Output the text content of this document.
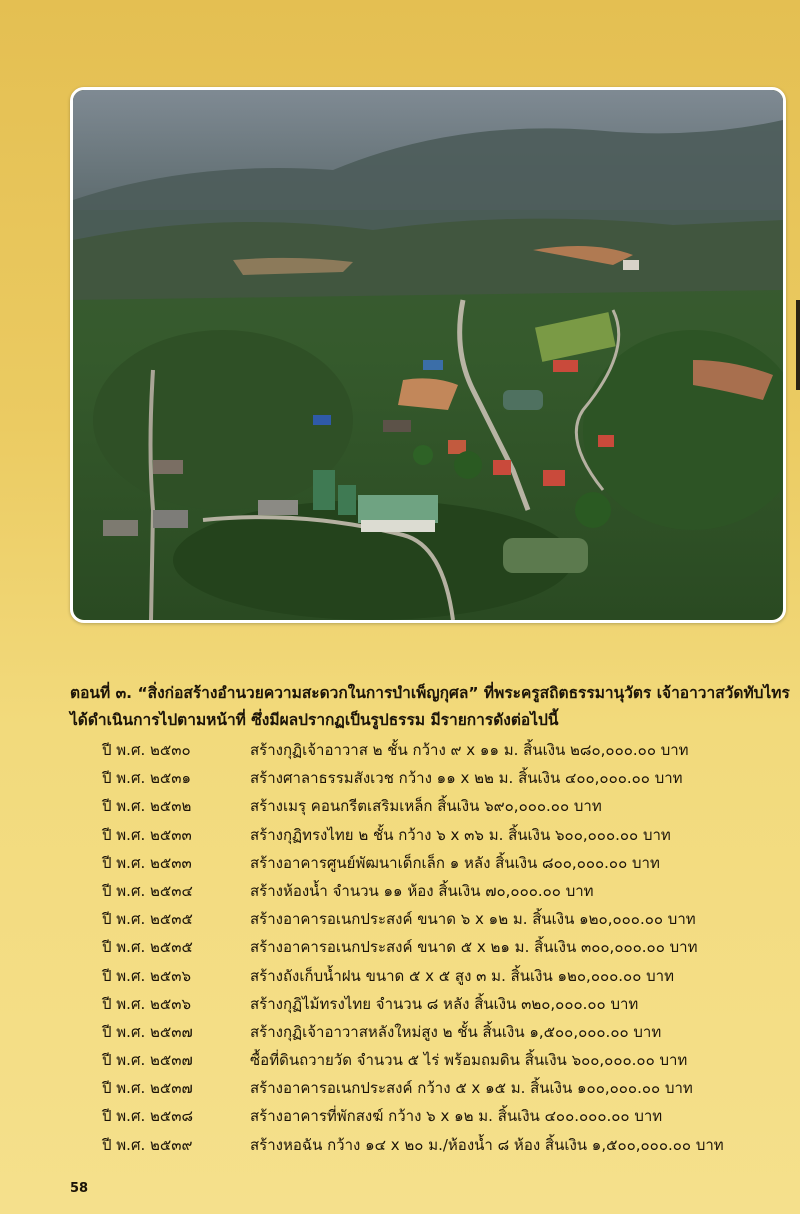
ตอนที่ ๓. “สิ่งก่อสร้างอำนวยความสะดวกในการบำเพ็ญกุศล” ที่พระครูสถิตธรรมานุวัตร เจ้าอาวาสวัดทับไทร

ได้ดำเนินการไปตามหน้าที่ ซึ่งมีผลปรากฏเป็นรูปธรรม มีรายการดังต่อไปนี้

ปี พ.ศ. ๒๕๓๐	สร้างกุฏิเจ้าอาวาส ๒ ชั้น กว้าง ๙ x ๑๑ ม. สิ้นเงิน ๒๘๐,๐๐๐.๐๐ บาท
ปี พ.ศ. ๒๕๓๑	สร้างศาลาธรรมสังเวช กว้าง ๑๑ x ๒๒ ม. สิ้นเงิน ๔๐๐,๐๐๐.๐๐ บาท
ปี พ.ศ. ๒๕๓๒	สร้างเมรุ คอนกรีตเสริมเหล็ก สิ้นเงิน ๖๙๐,๐๐๐.๐๐ บาท
ปี พ.ศ. ๒๕๓๓	สร้างกุฏิทรงไทย ๒ ชั้น กว้าง ๖ x ๓๖ ม. สิ้นเงิน ๖๐๐,๐๐๐.๐๐ บาท
ปี พ.ศ. ๒๕๓๓	สร้างอาคารศูนย์พัฒนาเด็กเล็ก ๑ หลัง สิ้นเงิน ๘๐๐,๐๐๐.๐๐ บาท
ปี พ.ศ. ๒๕๓๔	สร้างห้องน้ำ จำนวน ๑๑ ห้อง สิ้นเงิน ๗๐,๐๐๐.๐๐ บาท
ปี พ.ศ. ๒๕๓๕	สร้างอาคารอเนกประสงค์ ขนาด ๖ x ๑๒ ม. สิ้นเงิน ๑๒๐,๐๐๐.๐๐ บาท
ปี พ.ศ. ๒๕๓๕	สร้างอาคารอเนกประสงค์ ขนาด ๕ x ๒๑ ม. สิ้นเงิน ๓๐๐,๐๐๐.๐๐ บาท
ปี พ.ศ. ๒๕๓๖	สร้างถังเก็บน้ำฝน ขนาด ๕ x ๕ สูง ๓ ม. สิ้นเงิน ๑๒๐,๐๐๐.๐๐ บาท
ปี พ.ศ. ๒๕๓๖	สร้างกุฏิไม้ทรงไทย จำนวน ๘ หลัง สิ้นเงิน ๓๒๐,๐๐๐.๐๐ บาท
ปี พ.ศ. ๒๕๓๗	สร้างกุฏิเจ้าอาวาสหลังใหม่สูง ๒ ชั้น สิ้นเงิน ๑,๕๐๐,๐๐๐.๐๐ บาท
ปี พ.ศ. ๒๕๓๗	ซื้อที่ดินถวายวัด จำนวน ๕ ไร่ พร้อมถมดิน สิ้นเงิน ๖๐๐,๐๐๐.๐๐ บาท
ปี พ.ศ. ๒๕๓๗	สร้างอาคารอเนกประสงค์ กว้าง ๕ x ๑๕ ม. สิ้นเงิน ๑๐๐,๐๐๐.๐๐ บาท
ปี พ.ศ. ๒๕๓๘	สร้างอาคารที่พักสงฆ์ กว้าง ๖ x ๑๒ ม. สิ้นเงิน ๔๐๐.๐๐๐.๐๐ บาท
ปี พ.ศ. ๒๕๓๙	สร้างหอฉัน กว้าง ๑๔ x ๒๐ ม./ห้องน้ำ ๘ ห้อง สิ้นเงิน ๑,๕๐๐,๐๐๐.๐๐ บาท
58
